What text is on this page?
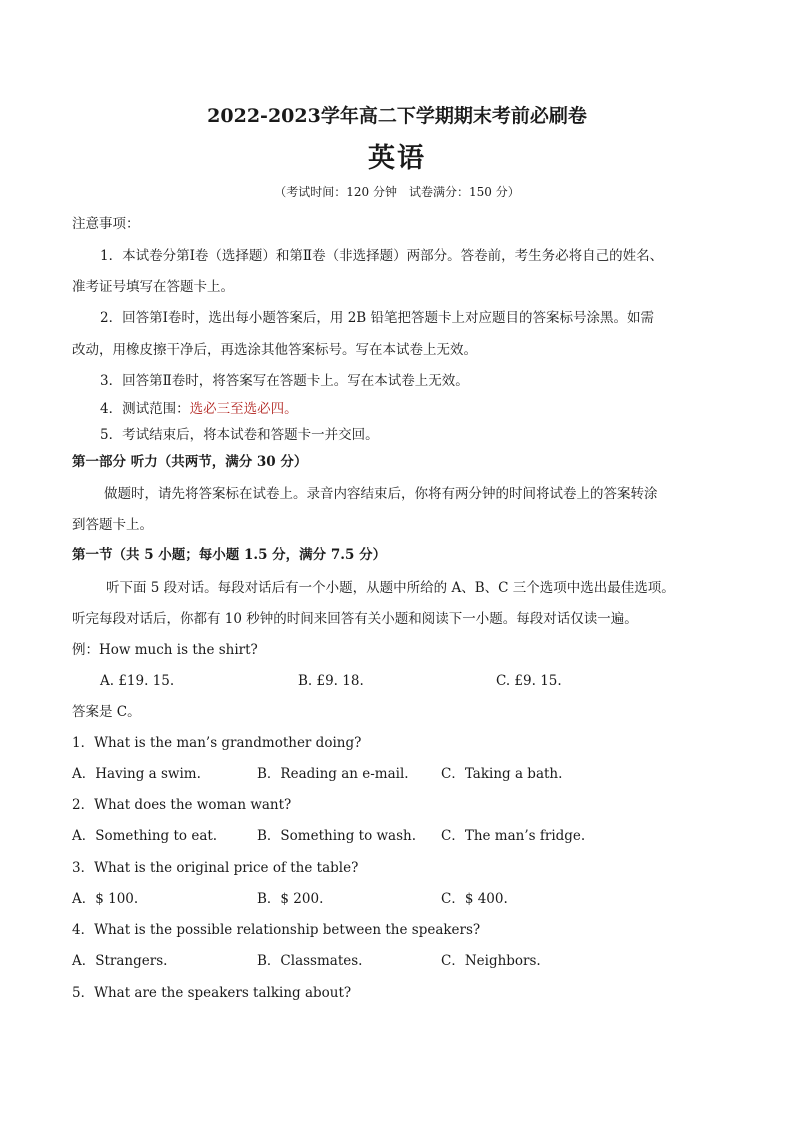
2022-2023学年高二下学期期末考前必刷卷
英语
（考试时间：120 分钟　试卷满分：150 分）
注意事项：
1．本试卷分第Ⅰ卷（选择题）和第Ⅱ卷（非选择题）两部分。答卷前，考生务必将自己的姓名、
准考证号填写在答题卡上。
2．回答第Ⅰ卷时，选出每小题答案后，用 2B 铅笔把答题卡上对应题目的答案标号涂黑。如需
改动，用橡皮擦干净后，再选涂其他答案标号。写在本试卷上无效。
3．回答第Ⅱ卷时，将答案写在答题卡上。写在本试卷上无效。
4．测试范围：选必三至选必四。
5．考试结束后，将本试卷和答题卡一并交回。
第一部分 听力（共两节，满分 30 分）
做题时，请先将答案标在试卷上。录音内容结束后，你将有两分钟的时间将试卷上的答案转涂
到答题卡上。
第一节（共 5 小题；每小题 1.5 分，满分 7.5 分）
听下面 5 段对话。每段对话后有一个小题，从题中所给的 A、B、C 三个选项中选出最佳选项。
听完每段对话后，你都有 10 秒钟的时间来回答有关小题和阅读下一小题。每段对话仅读一遍。
例：How much is the shirt?
A. £19. 15.	B. £9. 18.	C. £9. 15.
答案是 C。
1．What is the man’s grandmother doing?
A．Having a swim.	B．Reading an e-mail. C．Taking a bath.
2．What does the woman want?
A．Something to eat.	B．Something to wash. C．The man’s fridge.
3．What is the original price of the table?
A．$ 100.	B．$ 200.	C．$ 400.
4．What is the possible relationship between the speakers?
A．Strangers.	B．Classmates.	C．Neighbors.
5．What are the speakers talking about?
